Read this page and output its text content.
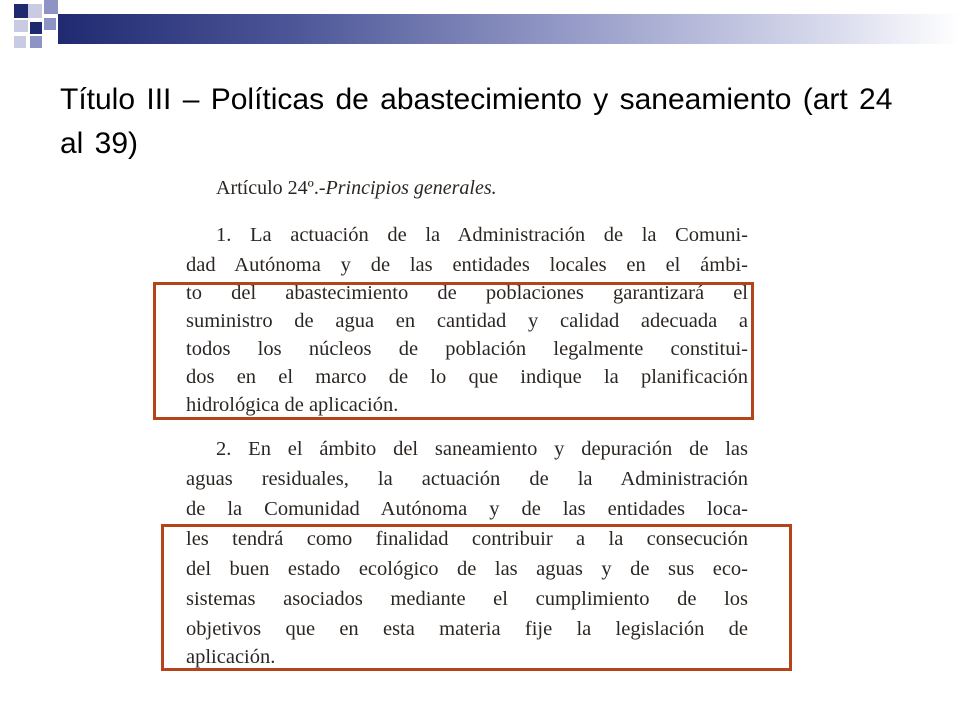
Título III – Políticas de abastecimiento y saneamiento (art 24 al 39)
Artículo 24º.-Principios generales.
1. La actuación de la Administración de la Comuni-
dad Autónoma y de las entidades locales en el ámbi-
to del abastecimiento de poblaciones garantizará el
suministro de agua en cantidad y calidad adecuada a
todos los núcleos de población legalmente constitui-
dos en el marco de lo que indique la planificación
hidrológica de aplicación.
2. En el ámbito del saneamiento y depuración de las
aguas residuales, la actuación de la Administración
de la Comunidad Autónoma y de las entidades loca-
les tendrá como finalidad contribuir a la consecución
del buen estado ecológico de las aguas y de sus eco-
sistemas asociados mediante el cumplimiento de los
objetivos que en esta materia fije la legislación de
aplicación.
